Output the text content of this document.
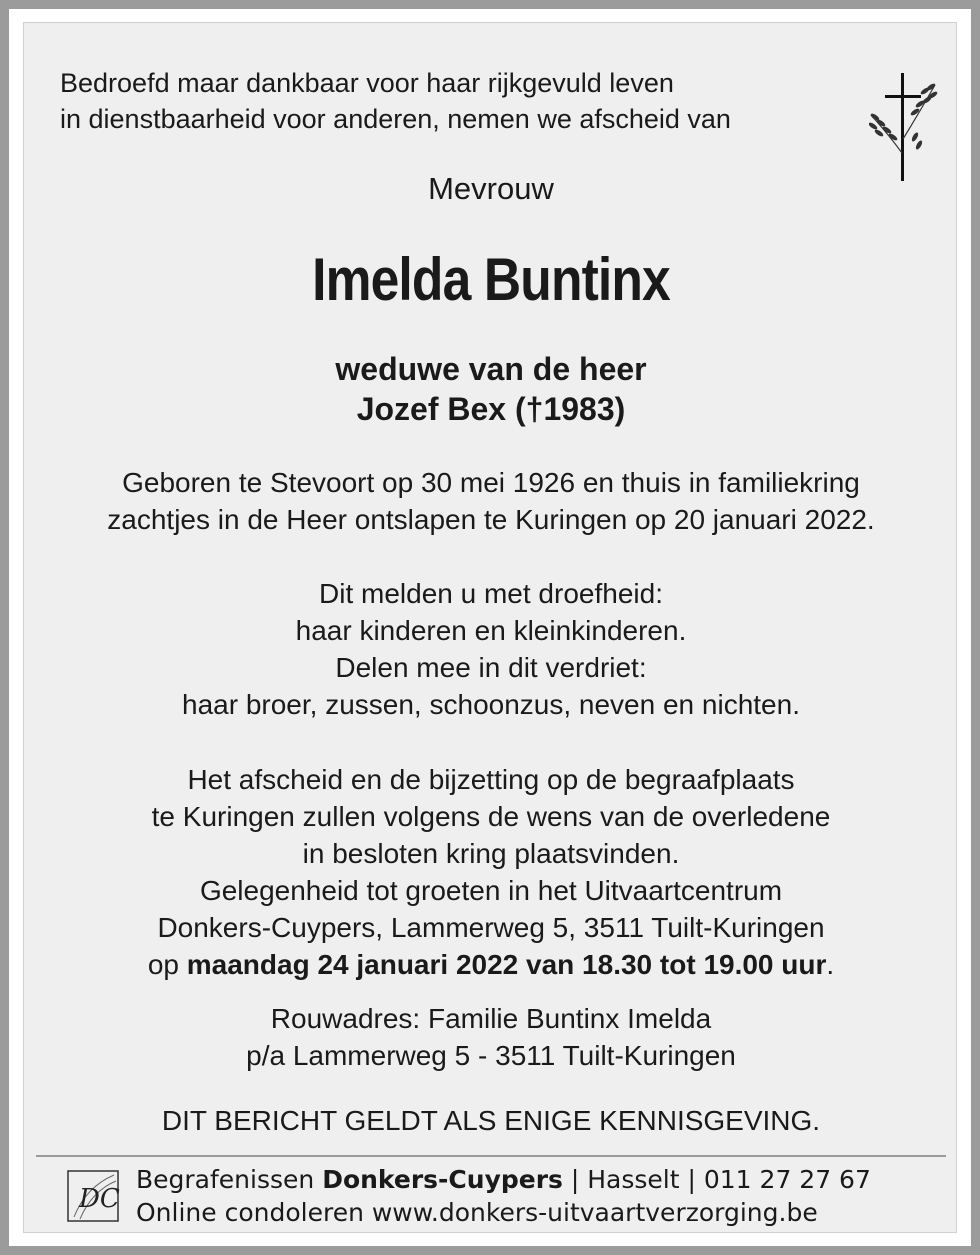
Bedroefd maar dankbaar voor haar rijkgevuld leven
in dienstbaarheid voor anderen, nemen we afscheid van
Mevrouw
Imelda Buntinx
weduwe van de heer
Jozef Bex (†1983)
Geboren te Stevoort op 30 mei 1926 en thuis in familiekring
zachtjes in de Heer ontslapen te Kuringen op 20 januari 2022.
Dit melden u met droefheid:
haar kinderen en kleinkinderen.
Delen mee in dit verdriet:
haar broer, zussen, schoonzus, neven en nichten.
Het afscheid en de bijzetting op de begraafplaats
te Kuringen zullen volgens de wens van de overledene
in besloten kring plaatsvinden.
Gelegenheid tot groeten in het Uitvaartcentrum
Donkers-Cuypers, Lammerweg 5, 3511 Tuilt-Kuringen
op maandag 24 januari 2022 van 18.30 tot 19.00 uur.
Rouwadres: Familie Buntinx Imelda
p/a Lammerweg 5 - 3511 Tuilt-Kuringen
DIT BERICHT GELDT ALS ENIGE KENNISGEVING.
DC
Begrafenissen Donkers-Cuypers | Hasselt | 011 27 27 67
Online condoleren www.donkers-uitvaartverzorging.be
